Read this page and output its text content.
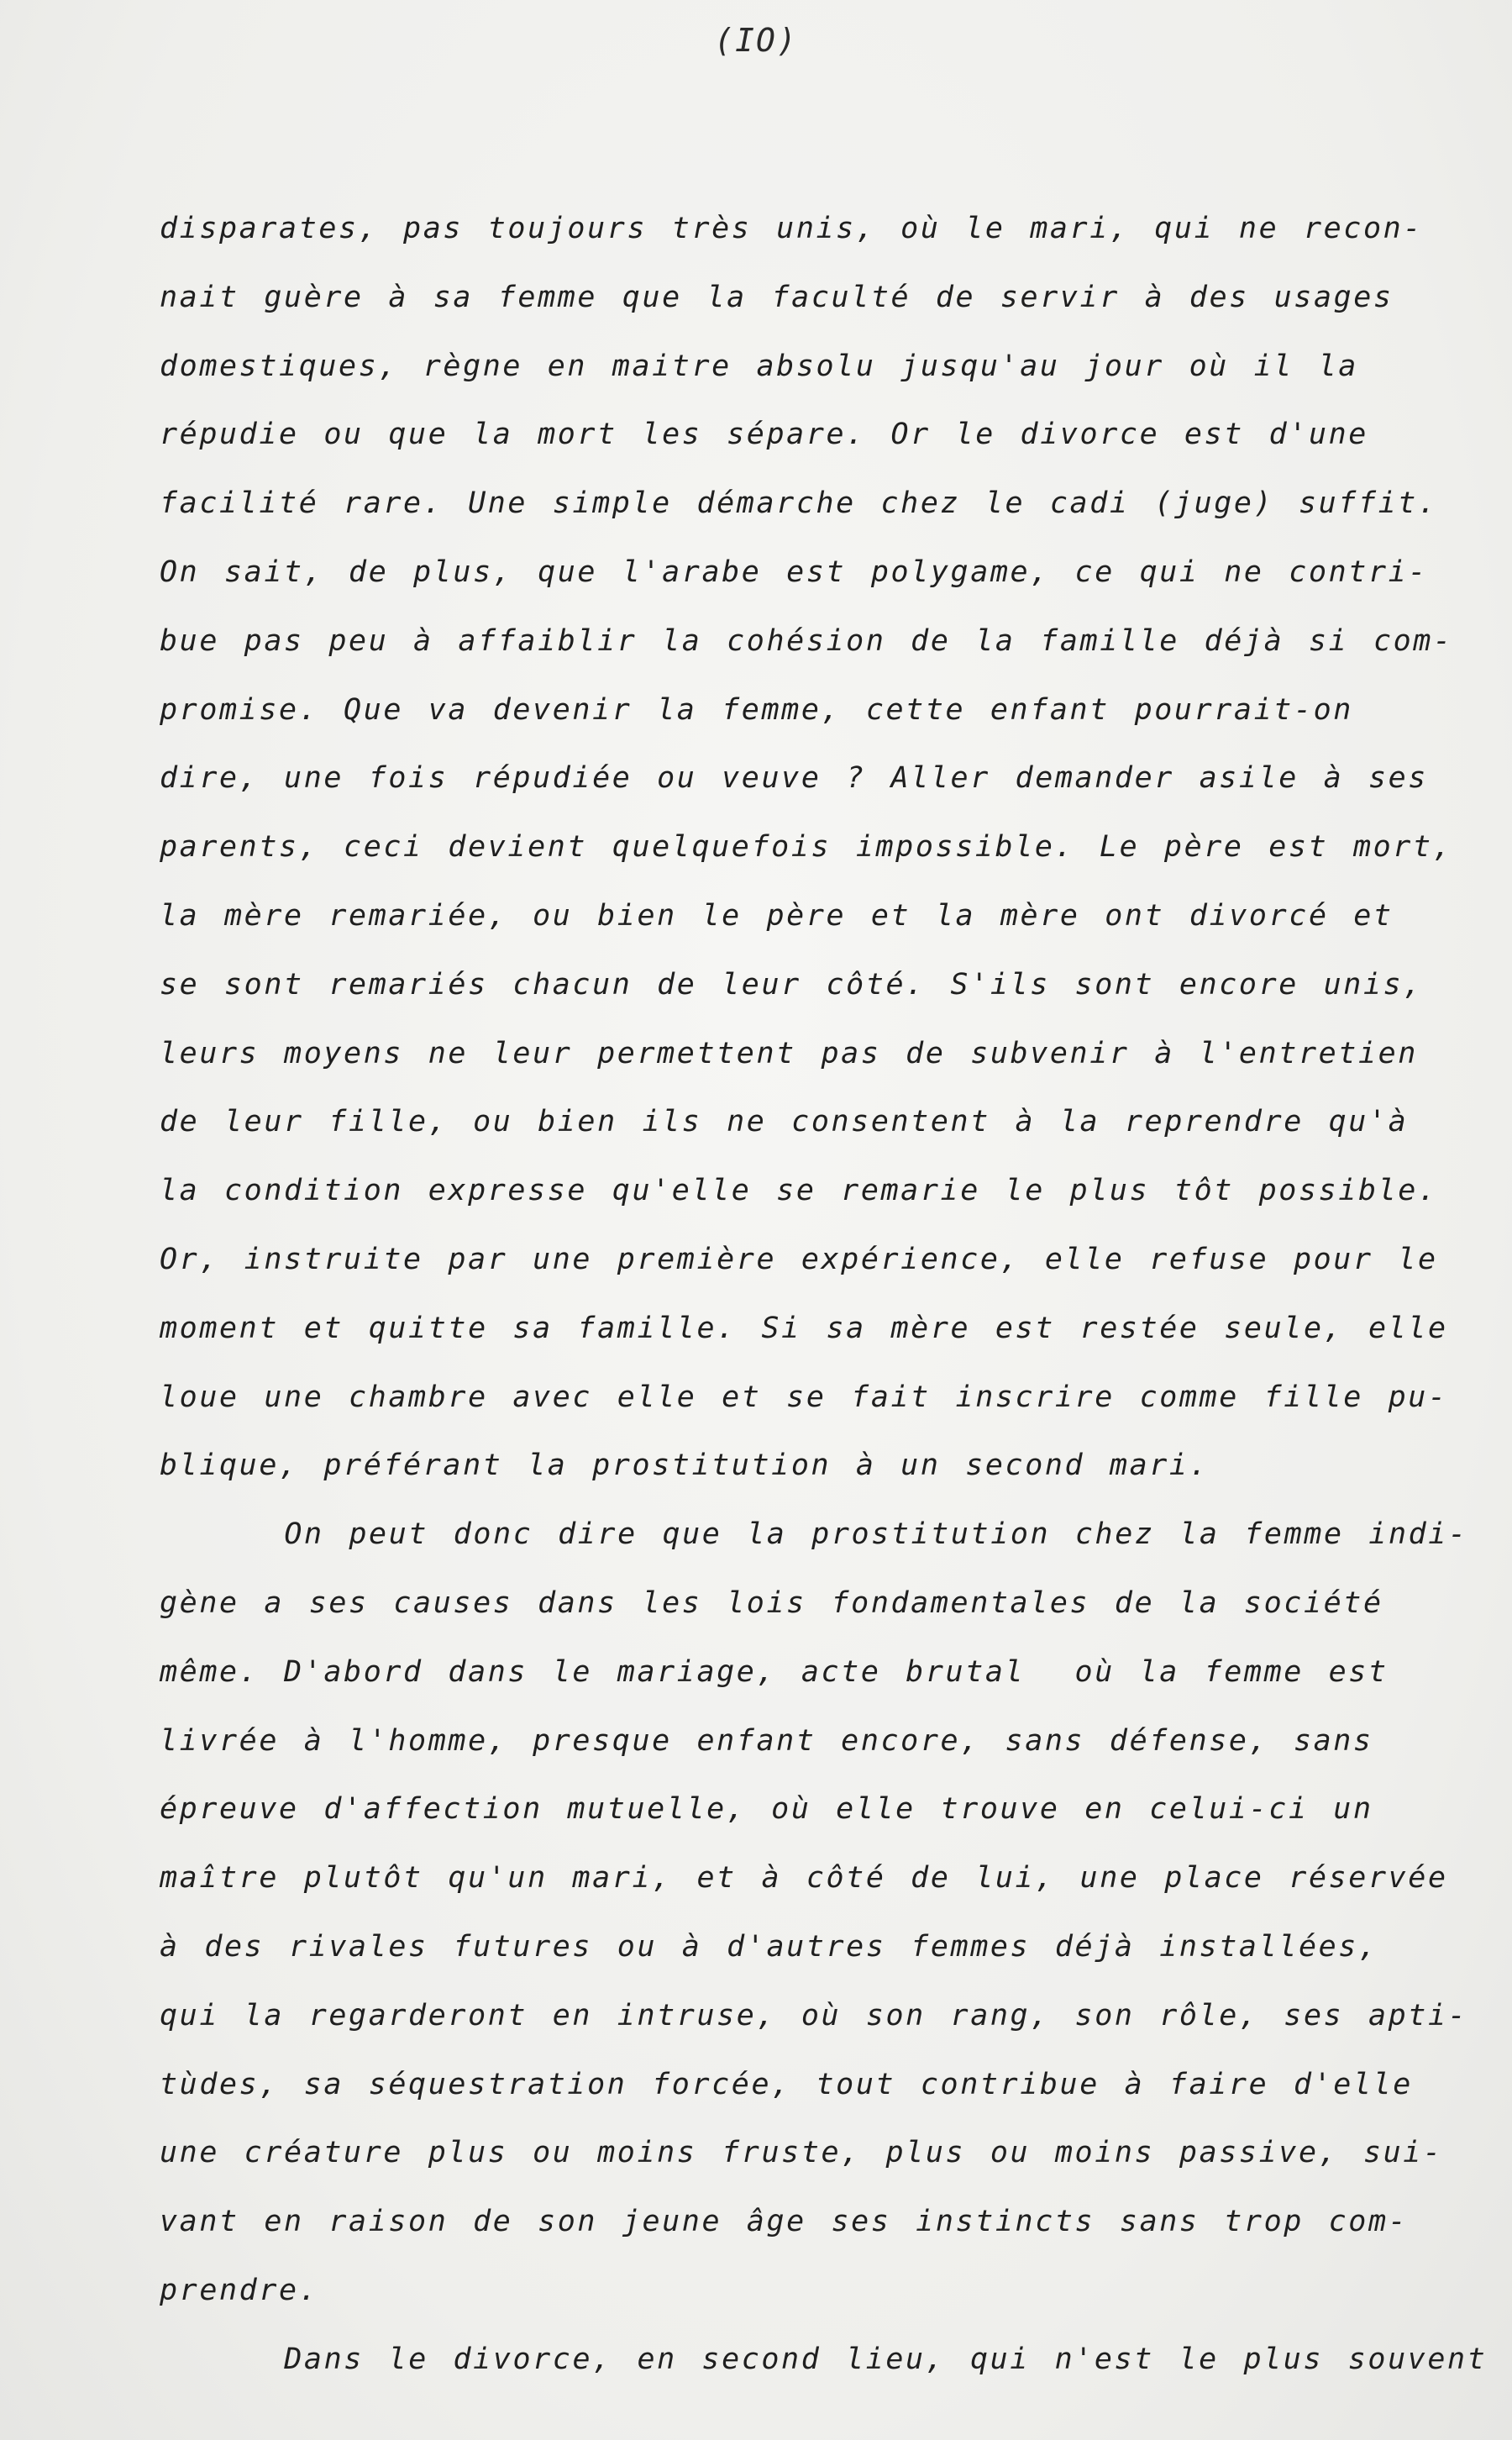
(IO)
disparates, pas toujours très unis, où le mari, qui ne recon-
nait guère à sa femme que la faculté de servir à des usages
domestiques, règne en maitre absolu jusqu'au jour où il la
répudie ou que la mort les sépare. Or le divorce est d'une
facilité rare. Une simple démarche chez le cadi (juge) suffit.
On sait, de plus, que l'arabe est polygame, ce qui ne contri-
bue pas peu à affaiblir la cohésion de la famille déjà si com-
promise. Que va devenir la femme, cette enfant pourrait-on
dire, une fois répudiée ou veuve ? Aller demander asile à ses
parents, ceci devient quelquefois impossible. Le père est mort,
la mère remariée, ou bien le père et la mère ont divorcé et
se sont remariés chacun de leur côté. S'ils sont encore unis,
leurs moyens ne leur permettent pas de subvenir à l'entretien
de leur fille, ou bien ils ne consentent à la reprendre qu'à
la condition expresse qu'elle se remarie le plus tôt possible.
Or, instruite par une première expérience, elle refuse pour le
moment et quitte sa famille. Si sa mère est restée seule, elle
loue une chambre avec elle et se fait inscrire comme fille pu-
blique, préférant la prostitution à un second mari.
On peut donc dire que la prostitution chez la femme indi-
gène a ses causes dans les lois fondamentales de la société
même. D'abord dans le mariage, acte brutal  où la femme est
livrée à l'homme, presque enfant encore, sans défense, sans
épreuve d'affection mutuelle, où elle trouve en celui-ci un
maître plutôt qu'un mari, et à côté de lui, une place réservée
à des rivales futures ou à d'autres femmes déjà installées,
qui la regarderont en intruse, où son rang, son rôle, ses apti-
tùdes, sa séquestration forcée, tout contribue à faire d'elle
une créature plus ou moins fruste, plus ou moins passive, sui-
vant en raison de son jeune âge ses instincts sans trop com-
prendre.
Dans le divorce, en second lieu, qui n'est le plus souvent
